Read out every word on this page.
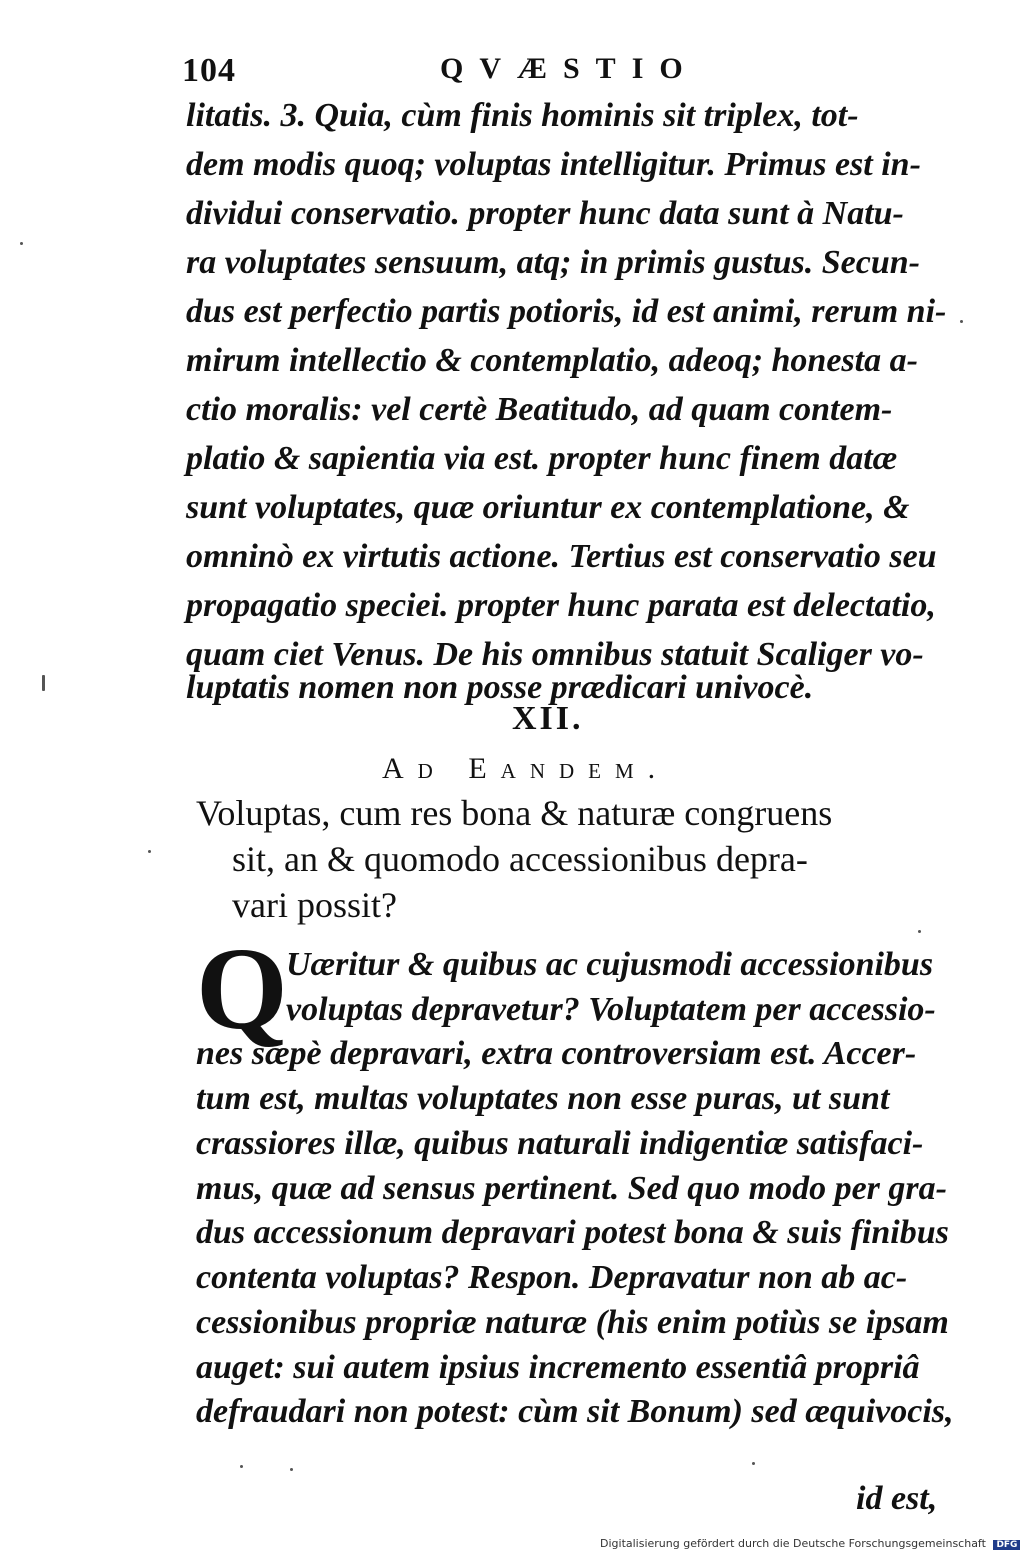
104	QVÆSTIO
litatis. 3. Quia, cùm finis hominis sit triplex, tot-
dem modis quoq; voluptas intelligitur. Primus est in-
dividui conservatio. propter hunc data sunt à Natu-
ra voluptates sensuum, atq; in primis gustus. Secun-
dus est perfectio partis potioris, id est animi, rerum ni-
mirum intellectio & contemplatio, adeoq; honesta a-
ctio moralis: vel certè Beatitudo, ad quam contem-
platio & sapientia via est. propter hunc finem datæ
sunt voluptates, quæ oriuntur ex contemplatione, &
omninò ex virtutis actione. Tertius est conservatio seu
propagatio speciei. propter hunc parata est delectatio,
quam ciet Venus. De his omnibus statuit Scaliger vo-
luptatis nomen non posse prædicari univocè.
XII.
Ad Eandem.
Voluptas, cum res bona & naturæ congruens
sit, an & quomodo accessionibus depra-
vari possit?
Q
Uæritur & quibus ac cujusmodi accessionibus
voluptas depravetur? Voluptatem per accessio-
nes sæpè depravari, extra controversiam est. Accer-
tum est, multas voluptates non esse puras, ut sunt
crassiores illæ, quibus naturali indigentiæ satisfaci-
mus, quæ ad sensus pertinent. Sed quo modo per gra-
dus accessionum depravari potest bona & suis finibus
contenta voluptas? Respon. Depravatur non ab ac-
cessionibus propriæ naturæ (his enim potiùs se ipsam
auget: sui autem ipsius incremento essentiâ propriâ
defraudari non potest: cùm sit Bonum) sed æquivocis,
id est,
Digitalisierung gefördert durch die Deutsche Forschungsgemeinschaft DFG
